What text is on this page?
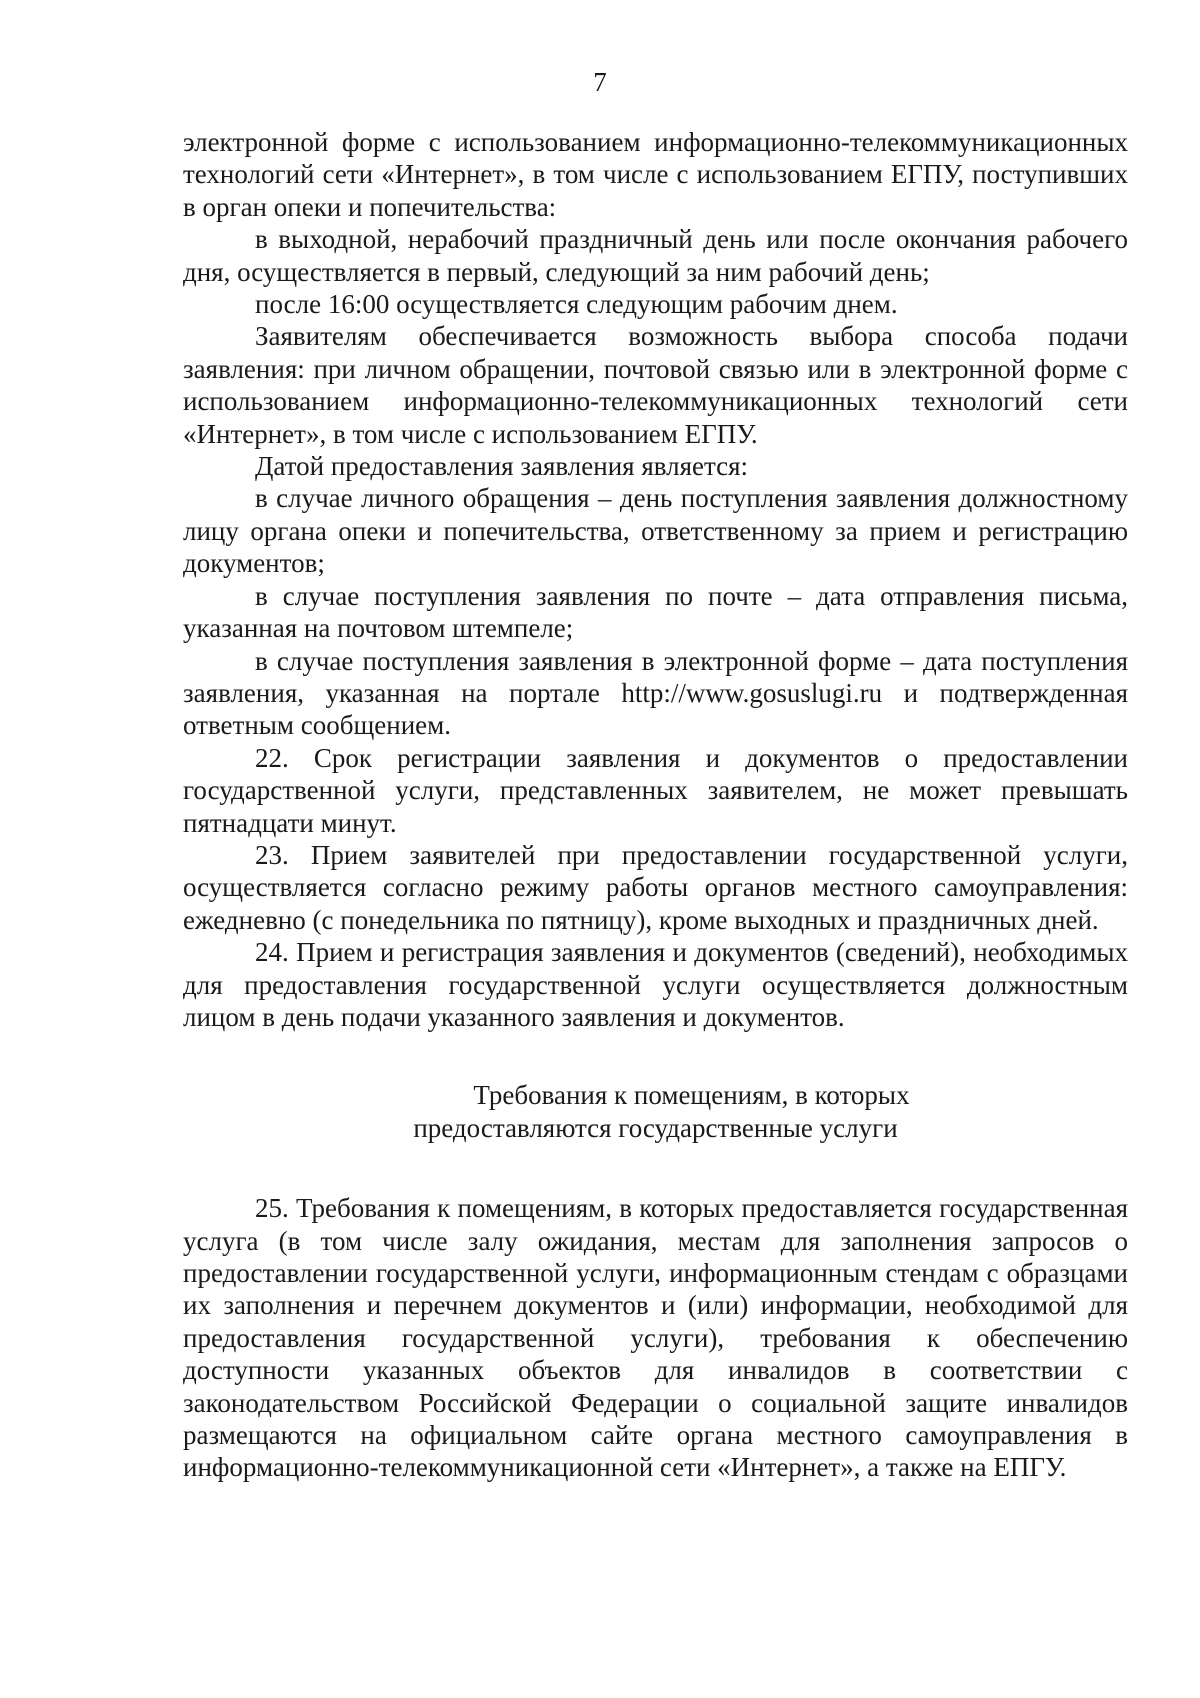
7

электронной форме с использованием информационно-телекоммуникационных технологий сети «Интернет», в том числе с использованием ЕГПУ, поступивших в орган опеки и попечительства:

в выходной, нерабочий праздничный день или после окончания рабочего дня, осуществляется в первый, следующий за ним рабочий день;

после 16:00 осуществляется следующим рабочим днем.

Заявителям обеспечивается возможность выбора способа подачи заявления: при личном обращении, почтовой связью или в электронной форме с использованием информационно-телекоммуникационных технологий сети «Интернет», в том числе с использованием ЕГПУ.

Датой предоставления заявления является:

в случае личного обращения – день поступления заявления должностному лицу органа опеки и попечительства, ответственному за прием и регистрацию документов;

в случае поступления заявления по почте – дата отправления письма, указанная на почтовом штемпеле;

в случае поступления заявления в электронной форме – дата поступления заявления, указанная на портале http://www.gosuslugi.ru и подтвержденная ответным сообщением.

22. Срок регистрации заявления и документов о предоставлении государственной услуги, представленных заявителем, не может превышать пятнадцати минут.

23. Прием заявителей при предоставлении государственной услуги, осуществляется согласно режиму работы органов местного самоуправления: ежедневно (с понедельника по пятницу), кроме выходных и праздничных дней.

24. Прием и регистрация заявления и документов (сведений), необходимых для предоставления государственной услуги осуществляется должностным лицом в день подачи указанного заявления и документов.

Требования к помещениям, в которых предоставляются государственные услуги

25. Требования к помещениям, в которых предоставляется государственная услуга (в том числе залу ожидания, местам для заполнения запросов о предоставлении государственной услуги, информационным стендам с образцами их заполнения и перечнем документов и (или) информации, необходимой для предоставления государственной услуги), требования к обеспечению доступности указанных объектов для инвалидов в соответствии с законодательством Российской Федерации о социальной защите инвалидов размещаются на официальном сайте органа местного самоуправления в информационно-телекоммуникационной сети «Интернет», а также на ЕПГУ.
